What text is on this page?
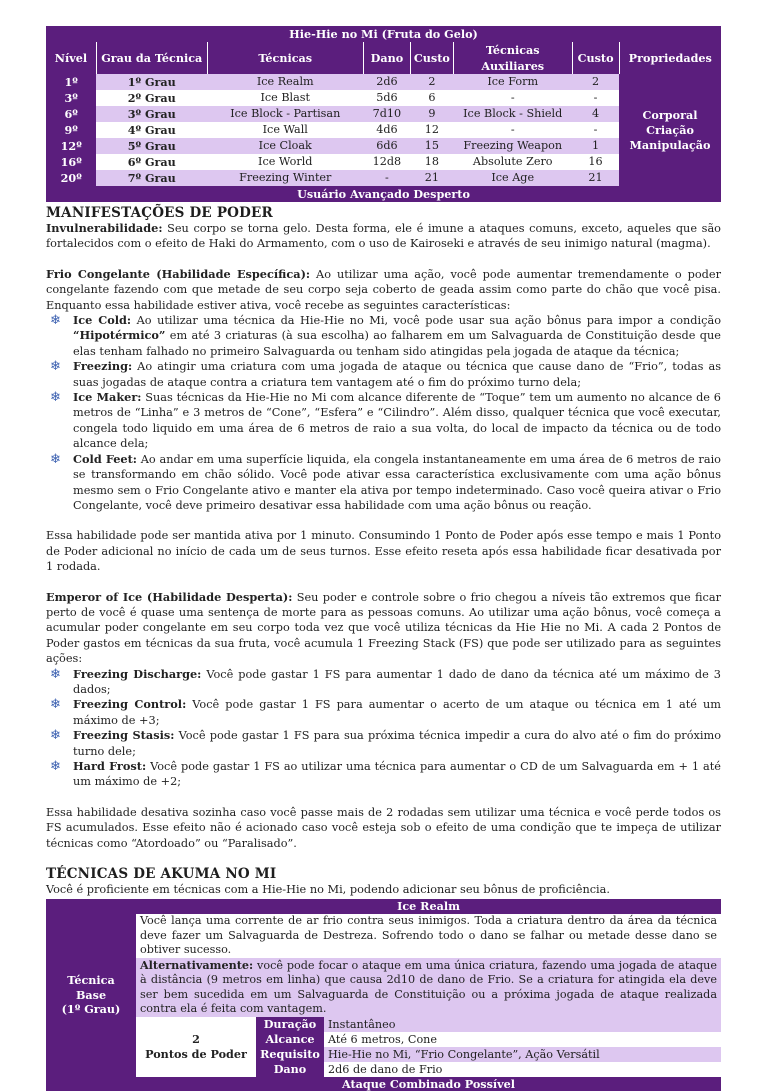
Hie-Hie no Mi (Fruta do Gelo)							
Nível	Grau da Técnica	Técnicas	Dano	Custo	Técnicas Auxiliares	Custo	Propriedades
1º	1º Grau	Ice Realm	2d6	2	Ice Form	2	Corporal
Criação
Manipulação

3º	2º Grau	Ice Blast	5d6	6	-	-	
6º	3º Grau	Ice Block - Partisan	7d10	9	Ice Block - Shield	4	
9º	4º Grau	Ice Wall	4d6	12	-	-	
12º	5º Grau	Ice Cloak	6d6	15	Freezing Weapon	1	
16º	6º Grau	Ice World	12d8	18	Absolute Zero	16	
20º	7º Grau	Freezing Winter	-	21	Ice Age	21	
Usuário Avançado Desperto							
MANIFESTAÇÕES DE PODER

Invulnerabilidade: Seu corpo se torna gelo. Desta forma, ele é imune a ataques comuns, exceto, aqueles que são fortalecidos com o efeito de Haki do Armamento, com o uso de Kairoseki e através de seu inimigo natural (magma).

Frio Congelante (Habilidade Específica): Ao utilizar uma ação, você pode aumentar tremendamente o poder congelante fazendo com que metade de seu corpo seja coberto de geada assim como parte do chão que você pisa. Enquanto essa habilidade estiver ativa, você recebe as seguintes características:

❄ Ice Cold: Ao utilizar uma técnica da Hie-Hie no Mi, você pode usar sua ação bônus para impor a condição “Hipotérmico” em até 3 criaturas (à sua escolha) ao falharem em um Salvaguarda de Constituição desde que elas tenham falhado no primeiro Salvaguarda ou tenham sido atingidas pela jogada de ataque da técnica;
❄ Freezing: Ao atingir uma criatura com uma jogada de ataque ou técnica que cause dano de “Frio”, todas as suas jogadas de ataque contra a criatura tem vantagem até o fim do próximo turno dela;
❄ Ice Maker: Suas técnicas da Hie-Hie no Mi com alcance diferente de “Toque” tem um aumento no alcance de 6 metros de “Linha” e 3 metros de “Cone”, “Esfera” e “Cilindro”. Além disso, qualquer técnica que você executar, congela todo liquido em uma área de 6 metros de raio a sua volta, do local de impacto da técnica ou de todo alcance dela;
❄ Cold Feet: Ao andar em uma superfície liquida, ela congela instantaneamente em uma área de 6 metros de raio se transformando em chão sólido. Você pode ativar essa característica exclusivamente com uma ação bônus mesmo sem o Frio Congelante ativo e manter ela ativa por tempo indeterminado. Caso você queira ativar o Frio Congelante, você deve primeiro desativar essa habilidade com uma ação bônus ou reação.

Essa habilidade pode ser mantida ativa por 1 minuto. Consumindo 1 Ponto de Poder após esse tempo e mais 1 Ponto de Poder adicional no início de cada um de seus turnos. Esse efeito reseta após essa habilidade ficar desativada por 1 rodada.

Emperor of Ice (Habilidade Desperta): Seu poder e controle sobre o frio chegou a níveis tão extremos que ficar perto de você é quase uma sentença de morte para as pessoas comuns. Ao utilizar uma ação bônus, você começa a acumular poder congelante em seu corpo toda vez que você utiliza técnicas da Hie Hie no Mi. A cada 2 Pontos de Poder gastos em técnicas da sua fruta, você acumula 1 Freezing Stack (FS) que pode ser utilizado para as seguintes ações:

❄ Freezing Discharge: Você pode gastar 1 FS para aumentar 1 dado de dano da técnica até um máximo de 3 dados;
❄ Freezing Control: Você pode gastar 1 FS para aumentar o acerto de um ataque ou técnica em 1 até um máximo de +3;
❄ Freezing Stasis: Você pode gastar 1 FS para sua próxima técnica impedir a cura do alvo até o fim do próximo turno dele;
❄ Hard Frost: Você pode gastar 1 FS ao utilizar uma técnica para aumentar o CD de um Salvaguarda em + 1 até um máximo de +2;

Essa habilidade desativa sozinha caso você passe mais de 2 rodadas sem utilizar uma técnica e você perde todos os FS acumulados. Esse efeito não é acionado caso você esteja sob o efeito de uma condição que te impeça de utilizar técnicas como “Atordoado” ou “Paralisado”.

TÉCNICAS DE AKUMA NO MI

Você é proficiente em técnicas com a Hie-Hie no Mi, podendo adicionar seu bônus de proficiência.

Técnica
Base
(1º Grau)	Ice Realm		
	Você lança uma corrente de ar frio contra seus inimigos. Toda a criatura dentro da área da técnica deve fazer um Salvaguarda de Destreza. Sofrendo todo o dano se falhar ou metade desse dano se obtiver sucesso.		
	Alternativamente: você pode focar o ataque em uma única criatura, fazendo uma jogada de ataque à distância (9 metros em linha) que causa 2d10 de dano de Frio. Se a criatura for atingida ela deve ser bem sucedida em um Salvaguarda de Constituição ou a próxima jogada de ataque realizada contra ela é feita com vantagem.		

	2
Pontos de Poder	Duração	Instantâneo
		Alcance	Até 6 metros, Cone
		Requisito	Hie-Hie no Mi, “Frio Congelante”, Ação Versátil
		Dano	2d6 de dano de Frio
	Ataque Combinado Possível		
